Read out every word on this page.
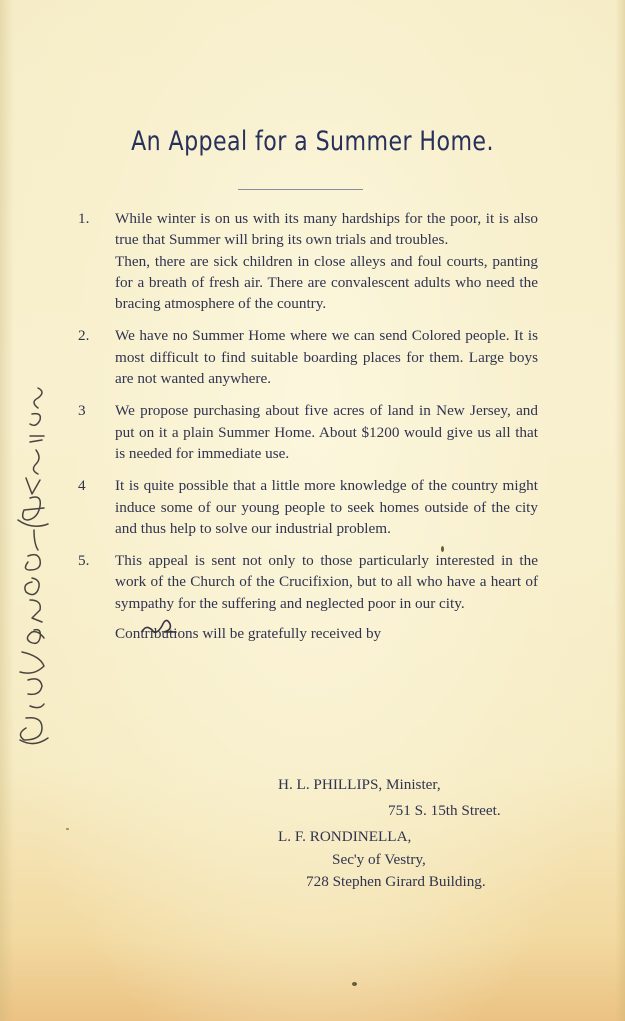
An Appeal for a Summer Home.
1. While winter is on us with its many hardships for the poor, it is also true that Summer will bring its own trials and troubles.

Then, there are sick children in close alleys and foul courts, panting for a breath of fresh air. There are convalescent adults who need the bracing atmosphere of the country.

2. We have no Summer Home where we can send Colored people. It is most difficult to find suitable boarding places for them. Large boys are not wanted anywhere.

3 We propose purchasing about five acres of land in New Jersey, and put on it a plain Summer Home. About $1200 would give us all that is needed for immediate use.

4 It is quite possible that a little more knowledge of the country might induce some of our young people to seek homes outside of the city and thus help to solve our industrial problem.

5. This appeal is sent not only to those particularly interested in the work of the Church of the Crucifixion, but to all who have a heart of sympathy for the suffering and neglected poor in our city.

Contributions will be gratefully received by
H. L. PHILLIPS, Minister,
751 S. 15th Street.
L. F. RONDINELLA,
Sec'y of Vestry,
728 Stephen Girard Building.
